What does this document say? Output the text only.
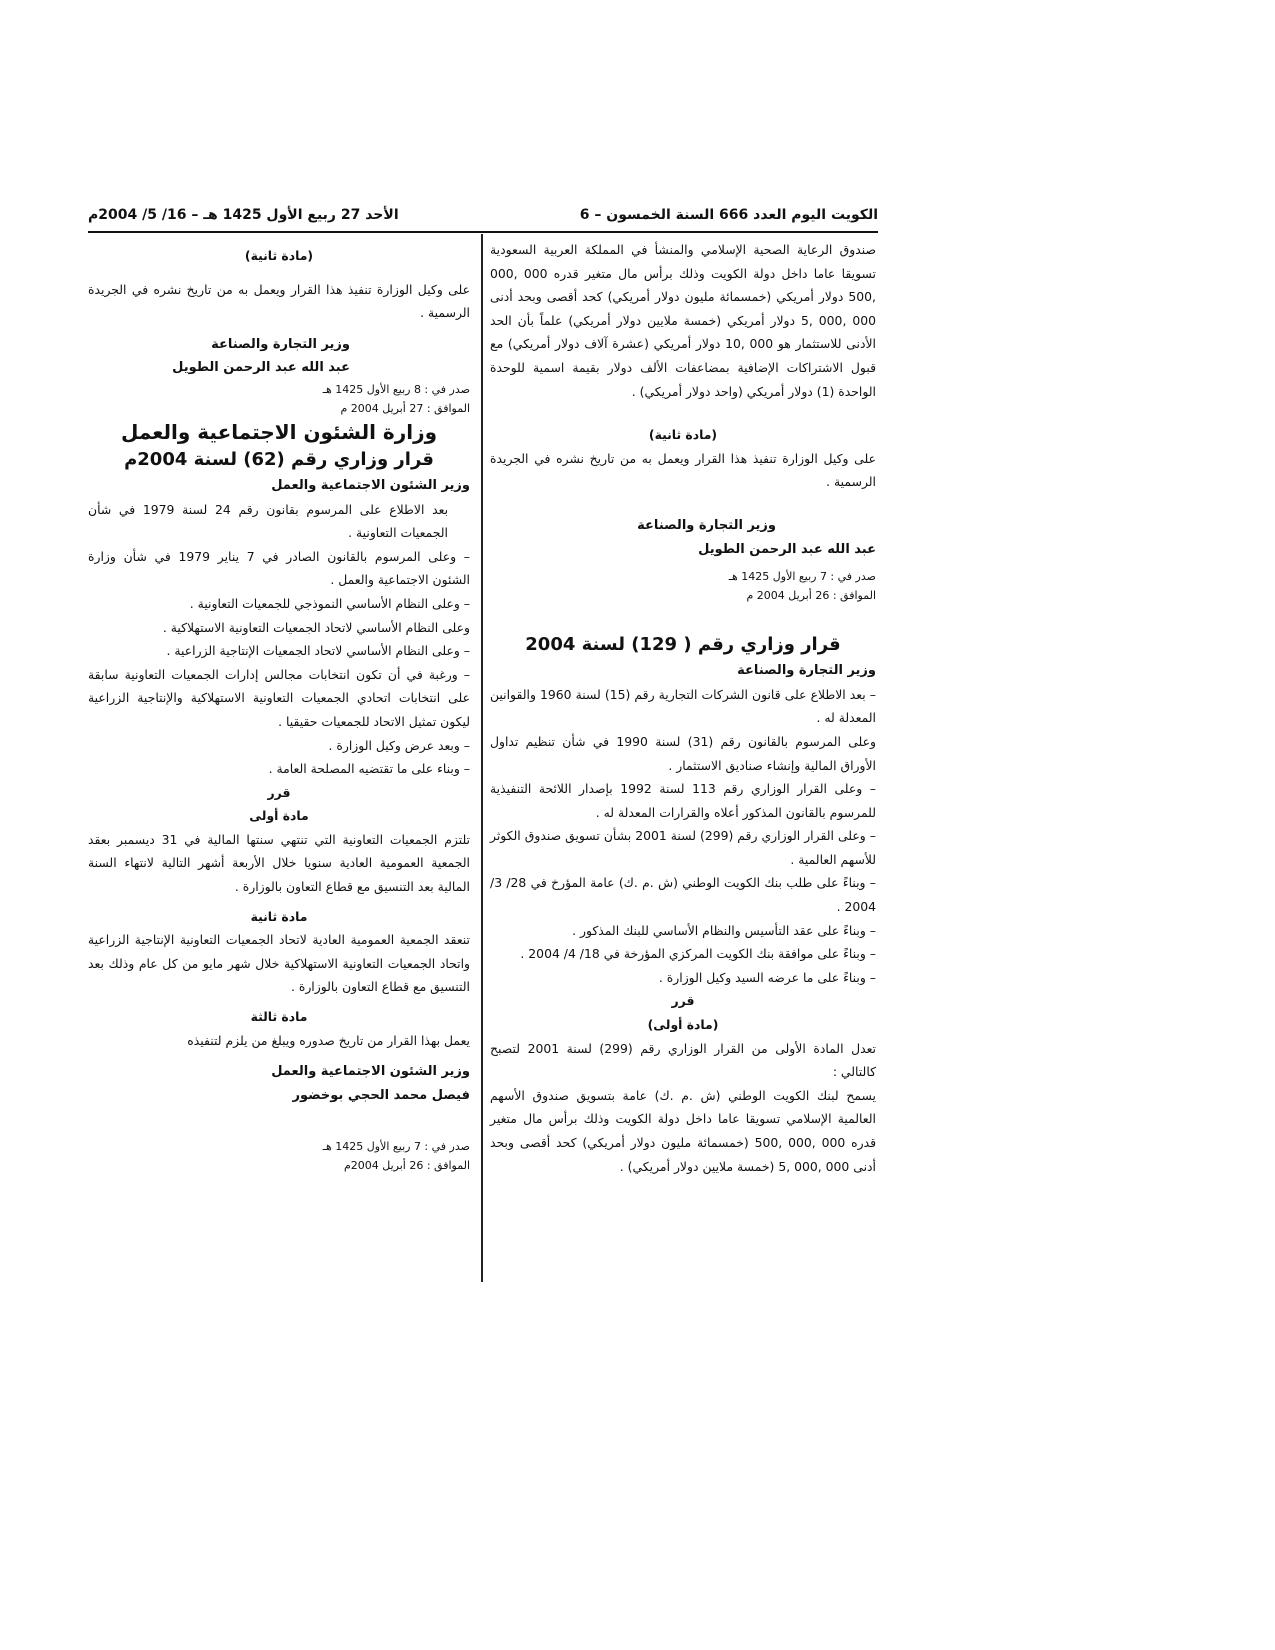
الكويت اليوم العدد 666 السنة الخمسون – 6
الأحد 27 ربيع الأول 1425 هـ – 16/ 5/ 2004م

صندوق الرعاية الصحية الإسلامي والمنشأ في المملكة العربية السعودية تسويقا عاما داخل دولة الكويت وذلك برأس مال متغير قدره 000 ,000 ,500 دولار أمريكي (خمسمائة مليون دولار أمريكي) كحد أقصى وبحد أدنى 000 ,000 ,5 دولار أمريكي (خمسة ملايين دولار أمريكي) علماً بأن الحد الأدنى للاستثمار هو 000 ,10 دولار أمريكي (عشرة آلاف دولار أمريكي) مع قبول الاشتراكات الإضافية بمضاعفات الألف دولار بقيمة اسمية للوحدة الواحدة (1) دولار أمريكي (واحد دولار أمريكي) .

(مادة ثانية)

على وكيل الوزارة تنفيذ هذا القرار ويعمل به من تاريخ نشره في الجريدة الرسمية .

وزير التجارة والصناعة

عبد الله عبد الرحمن الطويل

صدر في : 7 ربيع الأول 1425 هـ

الموافق : 26 أبريل 2004 م

قرار وزاري رقم ( 129) لسنة 2004

وزير التجارة والصناعة

– بعد الاطلاع على قانون الشركات التجارية رقم (15) لسنة 1960 والقوانين المعدلة له .

وعلى المرسوم بالقانون رقم (31) لسنة 1990 في شأن تنظيم تداول الأوراق المالية وإنشاء صناديق الاستثمار .

– وعلى القرار الوزاري رقم 113 لسنة 1992 بإصدار اللائحة التنفيذية للمرسوم بالقانون المذكور أعلاه والقرارات المعدلة له .

– وعلى القرار الوزاري رقم (299) لسنة 2001 بشأن تسويق صندوق الكوثر للأسهم العالمية .

– وبناءً على طلب بنك الكويت الوطني (ش .م .ك) عامة المؤرخ في 28/ 3/ 2004 .

– وبناءً على عقد التأسيس والنظام الأساسي للبنك المذكور .

– وبناءً على موافقة بنك الكويت المركزي المؤرخة في 18/ 4/ 2004 .

– وبناءً على ما عرضه السيد وكيل الوزارة .

قرر

(مادة أولى)

تعدل المادة الأولى من القرار الوزاري رقم (299) لسنة 2001 لتصبح كالتالي :

يسمح لبنك الكويت الوطني (ش .م .ك) عامة بتسويق صندوق الأسهم العالمية الإسلامي تسويقا عاما داخل دولة الكويت وذلك برأس مال متغير قدره 000 ,000 ,500 (خمسمائة مليون دولار أمريكي) كحد أقصى وبحد أدنى 000 ,000 ,5 (خمسة ملايين دولار أمريكي) .

(مادة ثانية)

على وكيل الوزارة تنفيذ هذا القرار ويعمل به من تاريخ نشره في الجريدة الرسمية .

وزير التجارة والصناعة

عبد الله عبد الرحمن الطويل

صدر في : 8 ربيع الأول 1425 هـ

الموافق : 27 أبريل 2004 م

وزارة الشئون الاجتماعية والعمل

قرار وزاري رقم (62) لسنة 2004م

وزير الشئون الاجتماعية والعمل

بعد الاطلاع على المرسوم بقانون رقم 24 لسنة 1979 في شأن الجمعيات التعاونية .

– وعلى المرسوم بالقانون الصادر في 7 يناير 1979 في شأن وزارة الشئون الاجتماعية والعمل .

– وعلى النظام الأساسي النموذجي للجمعيات التعاونية .

وعلى النظام الأساسي لاتحاد الجمعيات التعاونية الاستهلاكية .

– وعلى النظام الأساسي لاتحاد الجمعيات الإنتاجية الزراعية .

– ورغبة في أن تكون انتخابات مجالس إدارات الجمعيات التعاونية سابقة على انتخابات اتحادي الجمعيات التعاونية الاستهلاكية والإنتاجية الزراعية ليكون تمثيل الاتحاد للجمعيات حقيقيا .

– وبعد عرض وكيل الوزارة .

– وبناء على ما تقتضيه المصلحة العامة .

قرر

مادة أولى

تلتزم الجمعيات التعاونية التي تنتهي سنتها المالية في 31 ديسمبر بعقد الجمعية العمومية العادية سنويا خلال الأربعة أشهر التالية لانتهاء السنة المالية بعد التنسيق مع قطاع التعاون بالوزارة .

مادة ثانية

تنعقد الجمعية العمومية العادية لاتحاد الجمعيات التعاونية الإنتاجية الزراعية واتحاد الجمعيات التعاونية الاستهلاكية خلال شهر مايو من كل عام وذلك بعد التنسيق مع قطاع التعاون بالوزارة .

مادة ثالثة

يعمل بهذا القرار من تاريخ صدوره ويبلغ من يلزم لتنفيذه

وزير الشئون الاجتماعية والعمل

فيصل محمد الحجي بوخضور

صدر في : 7 ربيع الأول 1425 هـ

الموافق : 26 أبريل 2004م
